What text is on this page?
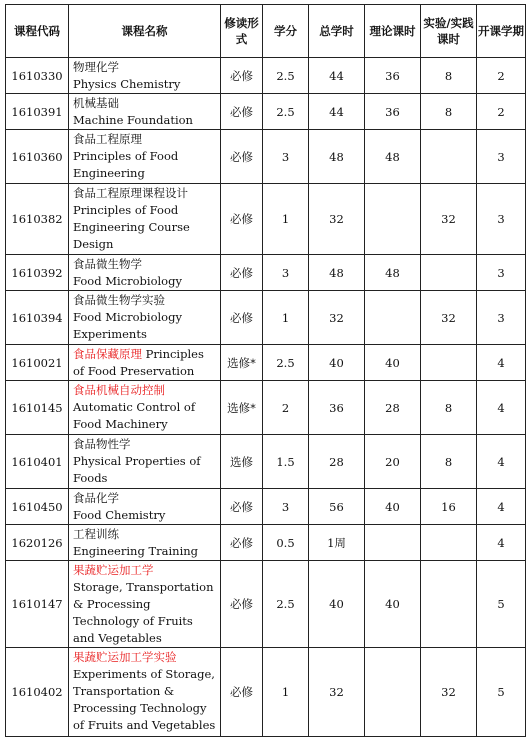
课程代码	课程名称	修读形式	学分	总学时	理论课时	实验/实践课时	开课学期
1610330	物理化学
Physics Chemistry	必修	2.5	44	36	8	2
1610391	机械基础
Machine Foundation	必修	2.5	44	36	8	2
1610360	食品工程原理
Principles of Food Engineering	必修	3	48	48		3
1610382	食品工程原理课程设计
Principles of Food Engineering Course Design	必修	1	32		32	3
1610392	食品微生物学
Food Microbiology	必修	3	48	48		3
1610394	食品微生物学实验
Food Microbiology Experiments	必修	1	32		32	3
1610021	食品保藏原理 Principles of Food Preservation	选修*	2.5	40	40		4
1610145	食品机械自动控制
Automatic Control of Food Machinery	选修*	2	36	28	8	4
1610401	食品物性学
Physical Properties of Foods	选修	1.5	28	20	8	4
1610450	食品化学
Food Chemistry	必修	3	56	40	16	4
1620126	工程训练
Engineering Training	必修	0.5	1周			4
1610147	果蔬贮运加工学
Storage, Transportation & Processing Technology of Fruits and Vegetables	必修	2.5	40	40		5
1610402	果蔬贮运加工学实验
Experiments of Storage, Transportation & Processing Technology of Fruits and Vegetables	必修	1	32		32	5
